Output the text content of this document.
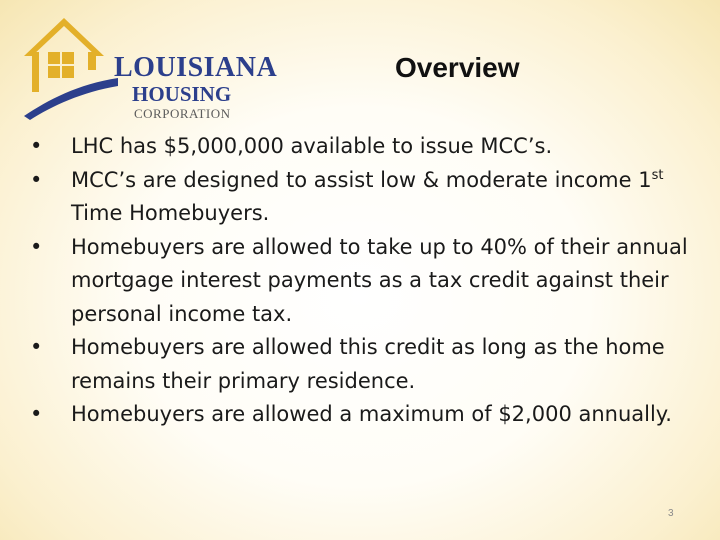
LOUISIANA
HOUSING
CORPORATION
Overview
• LHC has $5,000,000 available to issue MCC’s.
• MCC’s are designed to assist low & moderate income 1st Time Homebuyers.
• Homebuyers are allowed to take up to 40% of their annual mortgage interest payments as a tax credit against their personal income tax.
• Homebuyers are allowed this credit as long as the home remains their primary residence.
• Homebuyers are allowed a maximum of $2,000 annually.
3
